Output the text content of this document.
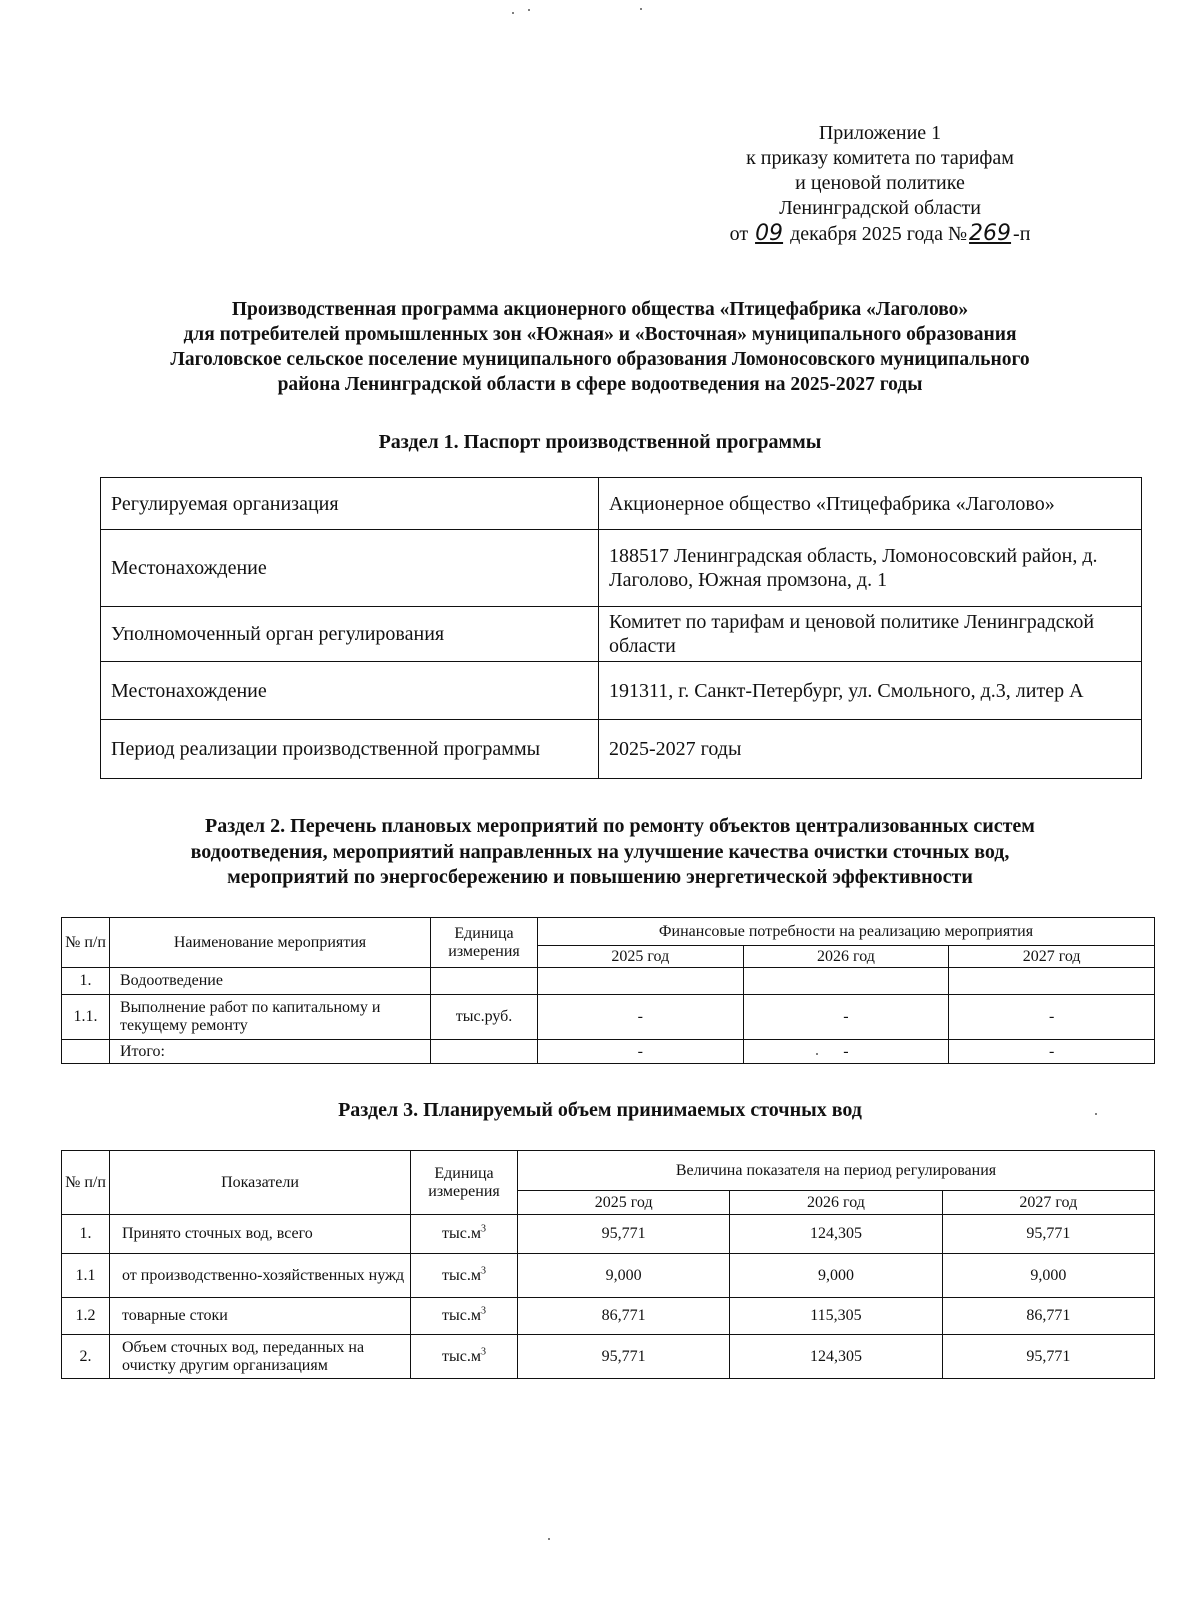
Приложение 1
к приказу комитета по тарифам
и ценовой политике
Ленинградской области
от 09 декабря 2025 года №269 -п
Производственная программа акционерного общества «Птицефабрика «Лаголово»
для потребителей промышленных зон «Южная» и «Восточная» муниципального образования
Лаголовское сельское поселение муниципального образования Ломоносовского муниципального
района Ленинградской области в сфере водоотведения на 2025-2027 годы
Раздел 1. Паспорт производственной программы
Регулируемая организация	Акционерное общество «Птицефабрика «Лаголово»
Местонахождение	188517 Ленинградская область, Ломоносовский район, д. Лаголово, Южная промзона, д. 1
Уполномоченный орган регулирования	Комитет по тарифам и ценовой политике Ленинградской области
Местонахождение	191311, г. Санкт-Петербург, ул. Смольного, д.3, литер А
Период реализации производственной программы	2025-2027 годы
Раздел 2. Перечень плановых мероприятий по ремонту объектов централизованных систем
водоотведения, мероприятий направленных на улучшение качества очистки сточных вод,
мероприятий по энергосбережению и повышению энергетической эффективности
№ п/п	Наименование мероприятия	Единица измерения	Финансовые потребности на реализацию мероприятия		
			2025 год	2026 год	2027 год
1.	Водоотведение				
1.1.	Выполнение работ по капитальному и текущему ремонту	тыс.руб.	-	-	-
	Итого:		-	-	-
Раздел 3. Планируемый объем принимаемых сточных вод
№ п/п	Показатели	Единица измерения	Величина показателя на период регулирования		
			2025 год	2026 год	2027 год
1.	Принято сточных вод, всего	$тыс.м^3$	95,771	124,305	95,771
1.1	от производственно-хозяйственных нужд	$тыс.м^3$	9,000	9,000	9,000
1.2	товарные стоки	$тыс.м^3$	86,771	115,305	86,771
2.	Объем сточных вод, переданных на очистку другим организациям	$тыс.м^3$	95,771	124,305	95,771
